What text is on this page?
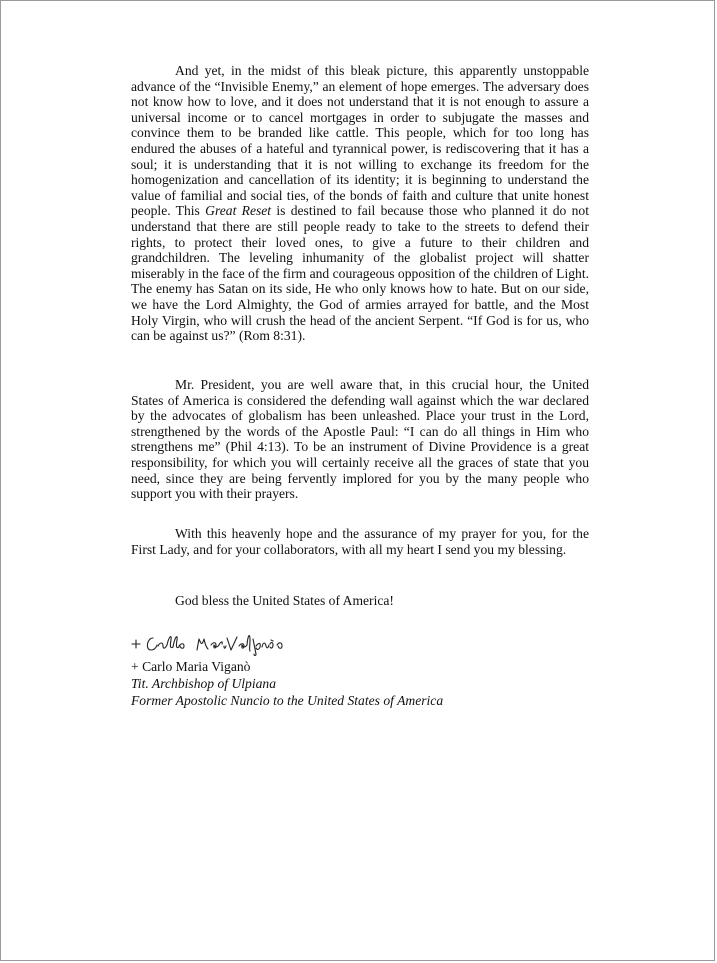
And yet, in the midst of this bleak picture, this apparently unstoppable advance of the “Invisible Enemy,” an element of hope emerges. The adversary does not know how to love, and it does not understand that it is not enough to assure a universal income or to cancel mortgages in order to subjugate the masses and convince them to be branded like cattle. This people, which for too long has endured the abuses of a hateful and tyrannical power, is rediscovering that it has a soul; it is understanding that it is not willing to exchange its freedom for the homogenization and cancellation of its identity; it is beginning to understand the value of familial and social ties, of the bonds of faith and culture that unite honest people. This Great Reset is destined to fail because those who planned it do not understand that there are still people ready to take to the streets to defend their rights, to protect their loved ones, to give a future to their children and grandchildren. The leveling inhumanity of the globalist project will shatter miserably in the face of the firm and courageous opposition of the children of Light. The enemy has Satan on its side, He who only knows how to hate. But on our side, we have the Lord Almighty, the God of armies arrayed for battle, and the Most Holy Virgin, who will crush the head of the ancient Serpent. “If God is for us, who can be against us?” (Rom 8:31).

Mr. President, you are well aware that, in this crucial hour, the United States of America is considered the defending wall against which the war declared by the advocates of globalism has been unleashed. Place your trust in the Lord, strengthened by the words of the Apostle Paul: “I can do all things in Him who strengthens me” (Phil 4:13). To be an instrument of Divine Providence is a great responsibility, for which you will certainly receive all the graces of state that you need, since they are being fervently implored for you by the many people who support you with their prayers.

With this heavenly hope and the assurance of my prayer for you, for the First Lady, and for your collaborators, with all my heart I send you my blessing.

God bless the United States of America!

+ Carlo Maria Viganò
Tit. Archbishop of Ulpiana
Former Apostolic Nuncio to the United States of America
